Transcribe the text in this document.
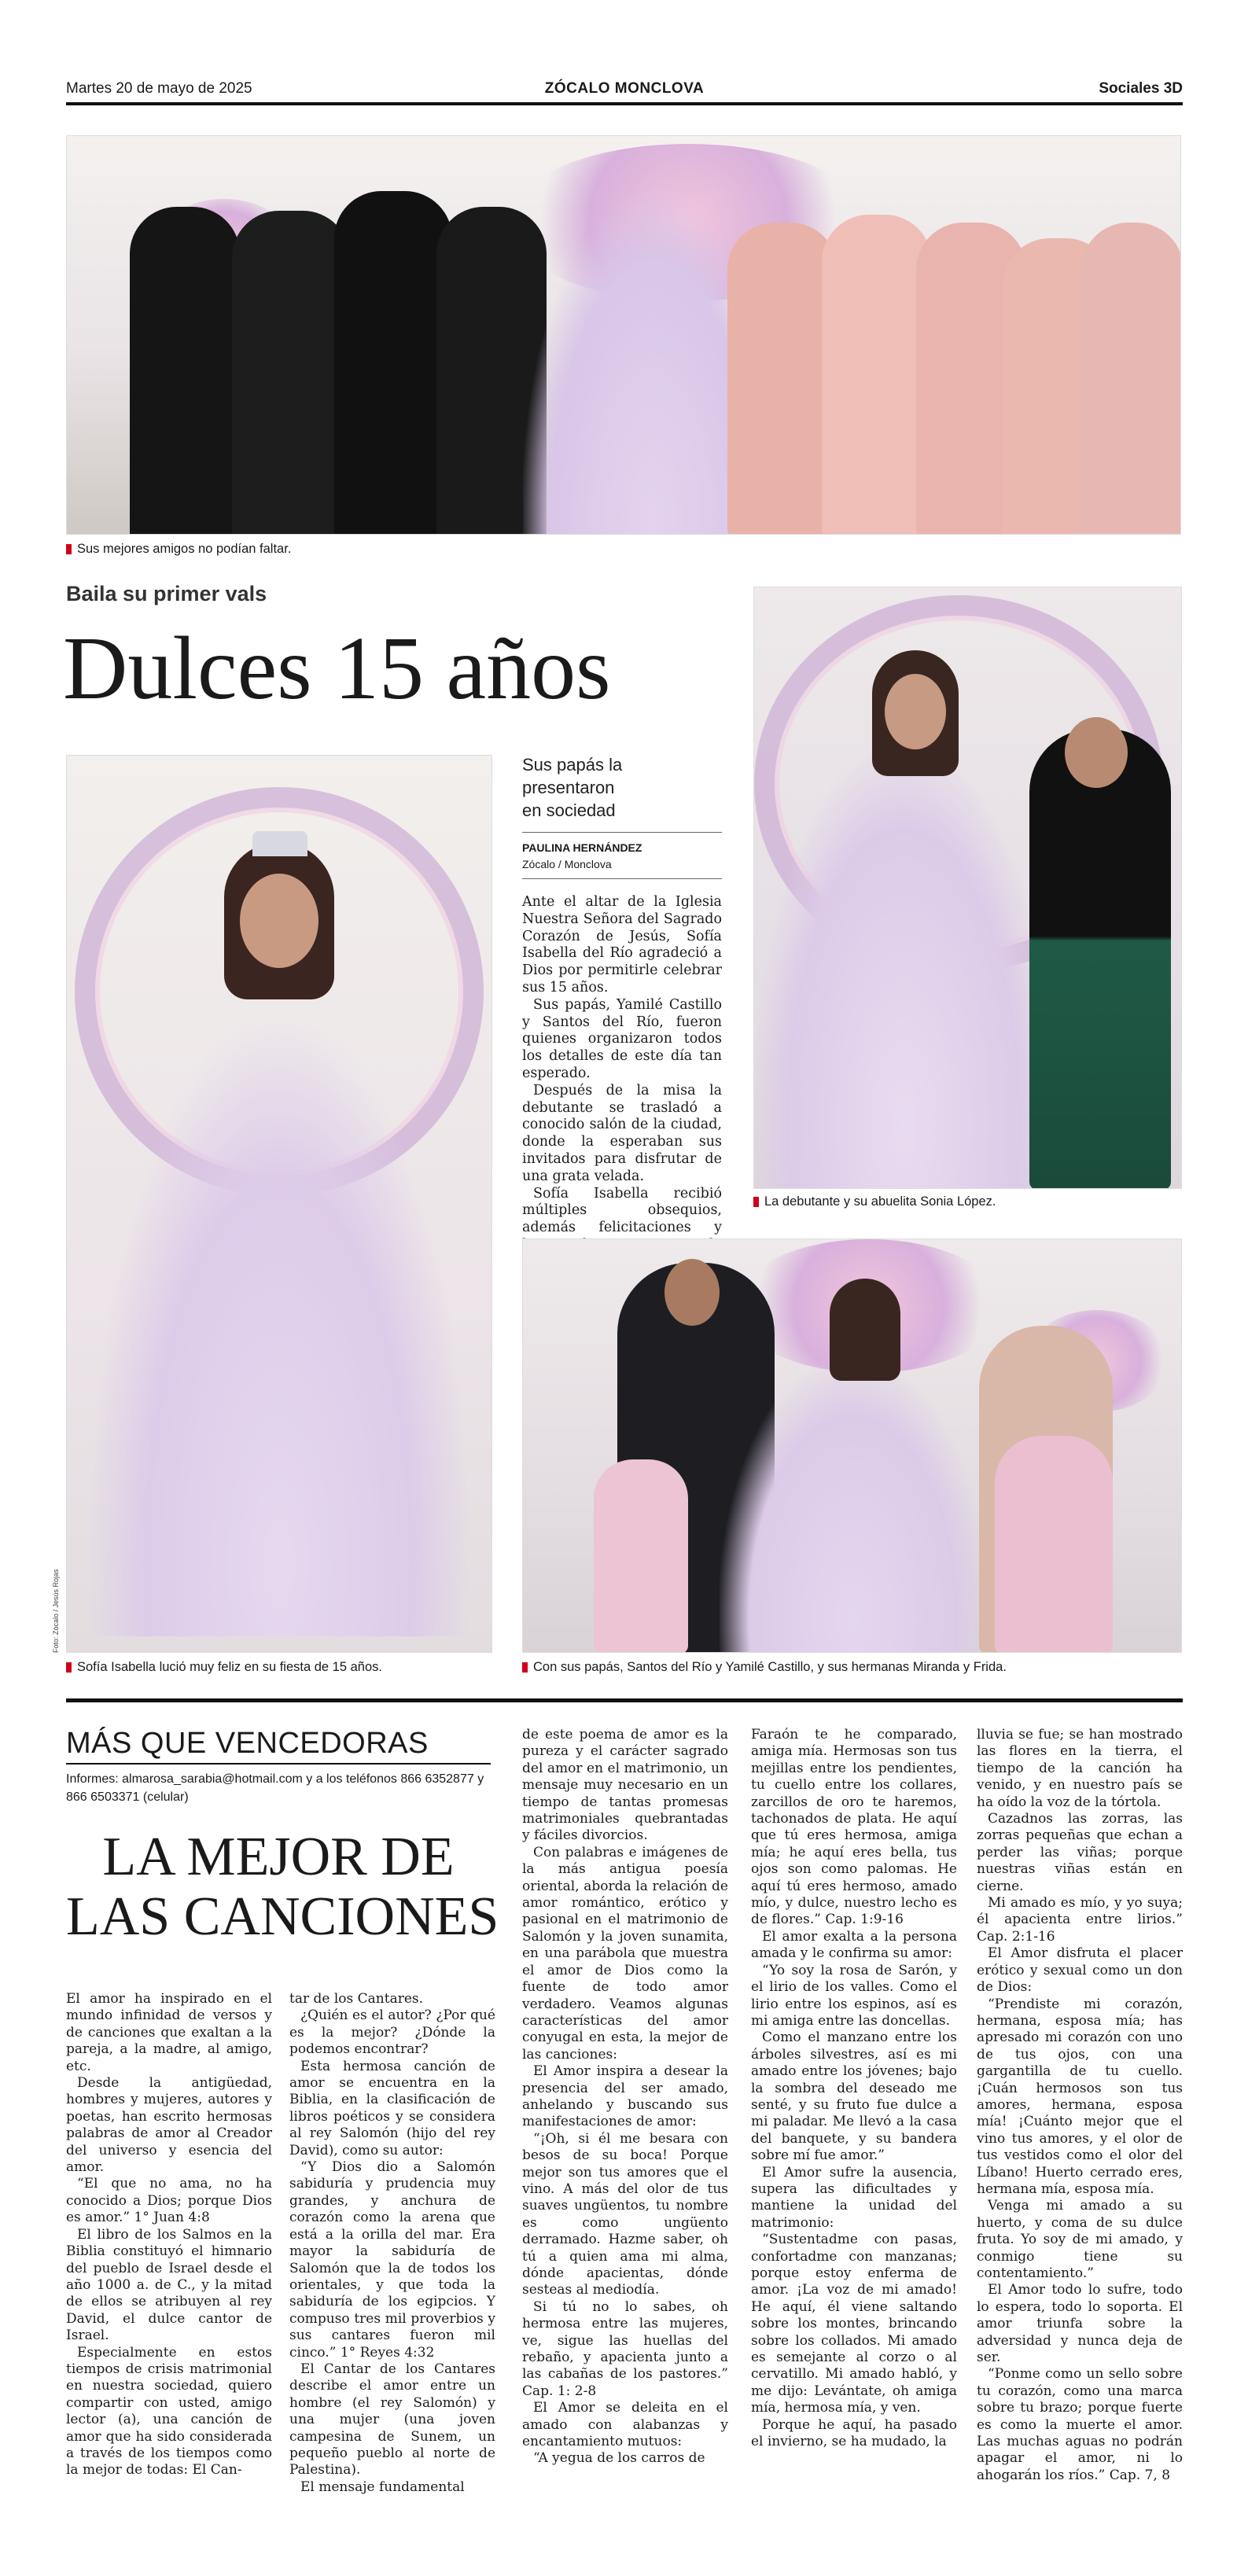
Martes 20 de mayo de 2025	ZÓCALO MONCLOVA	Sociales 3D
Sus mejores amigos no podían faltar.
Baila su primer vals
Dulces 15 años
Foto: Zócalo / Jesús Rojas
Sofía Isabella lució muy feliz en su fiesta de 15 años.
Sus papás la presentaron en sociedad
PAULINA HERNÁNDEZ
Zócalo / Monclova

Ante el altar de la Iglesia Nuestra Señora del Sagrado Corazón de Jesús, Sofía Isabella del Río agradeció a Dios por permitirle celebrar sus 15 años.

Sus papás, Yamilé Castillo y Santos del Río, fueron quienes organizaron todos los detalles de este día tan esperado.

Después de la misa la debutante se trasladó a conocido salón de la ciudad, donde la esperaban sus invitados para disfrutar de una grata velada.

Sofía Isabella recibió múltiples obsequios, además felicitaciones y

La debutante y su abuelita Sonia López.
Con sus papás, Santos del Río y Yamilé Castillo, y sus hermanas Miranda y Frida.
MÁS QUE VENCEDORAS
Informes: almarosa_sarabia@hotmail.com y a los teléfonos 866 6352877 y 866 6503371 (celular)
LA MEJOR DE
LAS CANCIONES

El amor ha inspirado en el mundo infinidad de versos y de canciones que exaltan a la pareja, a la madre, al amigo, etc.

Desde la antigüedad, hombres y mujeres, autores y poetas, han escrito hermosas palabras de amor al Creador del universo y esencia del amor.

“El que no ama, no ha conocido a Dios; porque Dios es amor.” 1° Juan 4:8

El libro de los Salmos en la Biblia constituyó el himnario del pueblo de Israel desde el año 1000 a. de C., y la mitad de ellos se atribuyen al rey David, el dulce cantor de Israel.

Especialmente en estos tiempos de crisis matrimonial en nuestra sociedad, quiero compartir con usted, amigo lector (a), una canción de amor que ha sido considerada a través de los tiempos como la mejor de todas: El Can-

tar de los Cantares.

¿Quién es el autor? ¿Por qué es la mejor? ¿Dónde la podemos encontrar?

Esta hermosa canción de amor se encuentra en la Biblia, en la clasificación de libros poéticos y se considera al rey Salomón (hijo del rey David), como su autor:

“Y Dios dio a Salomón sabiduría y prudencia muy grandes, y anchura de corazón como la arena que está a la orilla del mar. Era mayor la sabiduría de Salomón que la de todos los orientales, y que toda la sabiduría de los egipcios. Y compuso tres mil proverbios y sus cantares fueron mil cinco.” 1° Reyes 4:32

El Cantar de los Cantares describe el amor entre un hombre (el rey Salomón) y una mujer (una joven campesina de Sunem, un pequeño pueblo al norte de Palestina).

El mensaje fundamental

de este poema de amor es la pureza y el carácter sagrado del amor en el matrimonio, un mensaje muy necesario en un tiempo de tantas promesas matrimoniales quebrantadas y fáciles divorcios.

Con palabras e imágenes de la más antigua poesía oriental, aborda la relación de amor romántico, erótico y pasional en el matrimonio de Salomón y la joven sunamita, en una parábola que muestra el amor de Dios como la fuente de todo amor verdadero. Veamos algunas características del amor conyugal en esta, la mejor de las canciones:

El Amor inspira a desear la presencia del ser amado, anhelando y buscando sus manifestaciones de amor:

“¡Oh, si él me besara con besos de su boca! Porque mejor son tus amores que el vino. A más del olor de tus suaves ungüentos, tu nombre es como ungüento derramado. Hazme saber, oh tú a quien ama mi alma, dónde apacientas, dónde sesteas al mediodía.

Si tú no lo sabes, oh hermosa entre las mujeres, ve, sigue las huellas del rebaño, y apacienta junto a las cabañas de los pastores.” Cap. 1: 2-8

El Amor se deleita en el amado con alabanzas y encantamiento mutuos:

“A yegua de los carros de

Faraón te he comparado, amiga mía. Hermosas son tus mejillas entre los pendientes, tu cuello entre los collares, zarcillos de oro te haremos, tachonados de plata. He aquí que tú eres hermosa, amiga mía; he aquí eres bella, tus ojos son como palomas. He aquí tú eres hermoso, amado mío, y dulce, nuestro lecho es de flores.” Cap. 1:9-16

El amor exalta a la persona amada y le confirma su amor:

“Yo soy la rosa de Sarón, y el lirio de los valles. Como el lirio entre los espinos, así es mi amiga entre las doncellas.

Como el manzano entre los árboles silvestres, así es mi amado entre los jóvenes; bajo la sombra del deseado me senté, y su fruto fue dulce a mi paladar. Me llevó a la casa del banquete, y su bandera sobre mí fue amor.”

El Amor sufre la ausencia, supera las dificultades y mantiene la unidad del matrimonio:

“Sustentadme con pasas, confortadme con manzanas; porque estoy enferma de amor. ¡La voz de mi amado! He aquí, él viene saltando sobre los montes, brincando sobre los collados. Mi amado es semejante al corzo o al cervatillo. Mi amado habló, y me dijo: Levántate, oh amiga mía, hermosa mía, y ven.

Porque he aquí, ha pasado el invierno, se ha mudado, la

lluvia se fue; se han mostrado las flores en la tierra, el tiempo de la canción ha venido, y en nuestro país se ha oído la voz de la tórtola.

Cazadnos las zorras, las zorras pequeñas que echan a perder las viñas; porque nuestras viñas están en cierne.

Mi amado es mío, y yo suya; él apacienta entre lirios.” Cap. 2:1-16

El Amor disfruta el placer erótico y sexual como un don de Dios:

“Prendiste mi corazón, hermana, esposa mía; has apresado mi corazón con uno de tus ojos, con una gargantilla de tu cuello. ¡Cuán hermosos son tus amores, hermana, esposa mía! ¡Cuánto mejor que el vino tus amores, y el olor de tus vestidos como el olor del Líbano! Huerto cerrado eres, hermana mía, esposa mía.

Venga mi amado a su huerto, y coma de su dulce fruta. Yo soy de mi amado, y conmigo tiene su contentamiento.”

El Amor todo lo sufre, todo lo espera, todo lo soporta. El amor triunfa sobre la adversidad y nunca deja de ser.

“Ponme como un sello sobre tu corazón, como una marca sobre tu brazo; porque fuerte es como la muerte el amor. Las muchas aguas no podrán apagar el amor, ni lo ahogarán los ríos.” Cap. 7, 8
